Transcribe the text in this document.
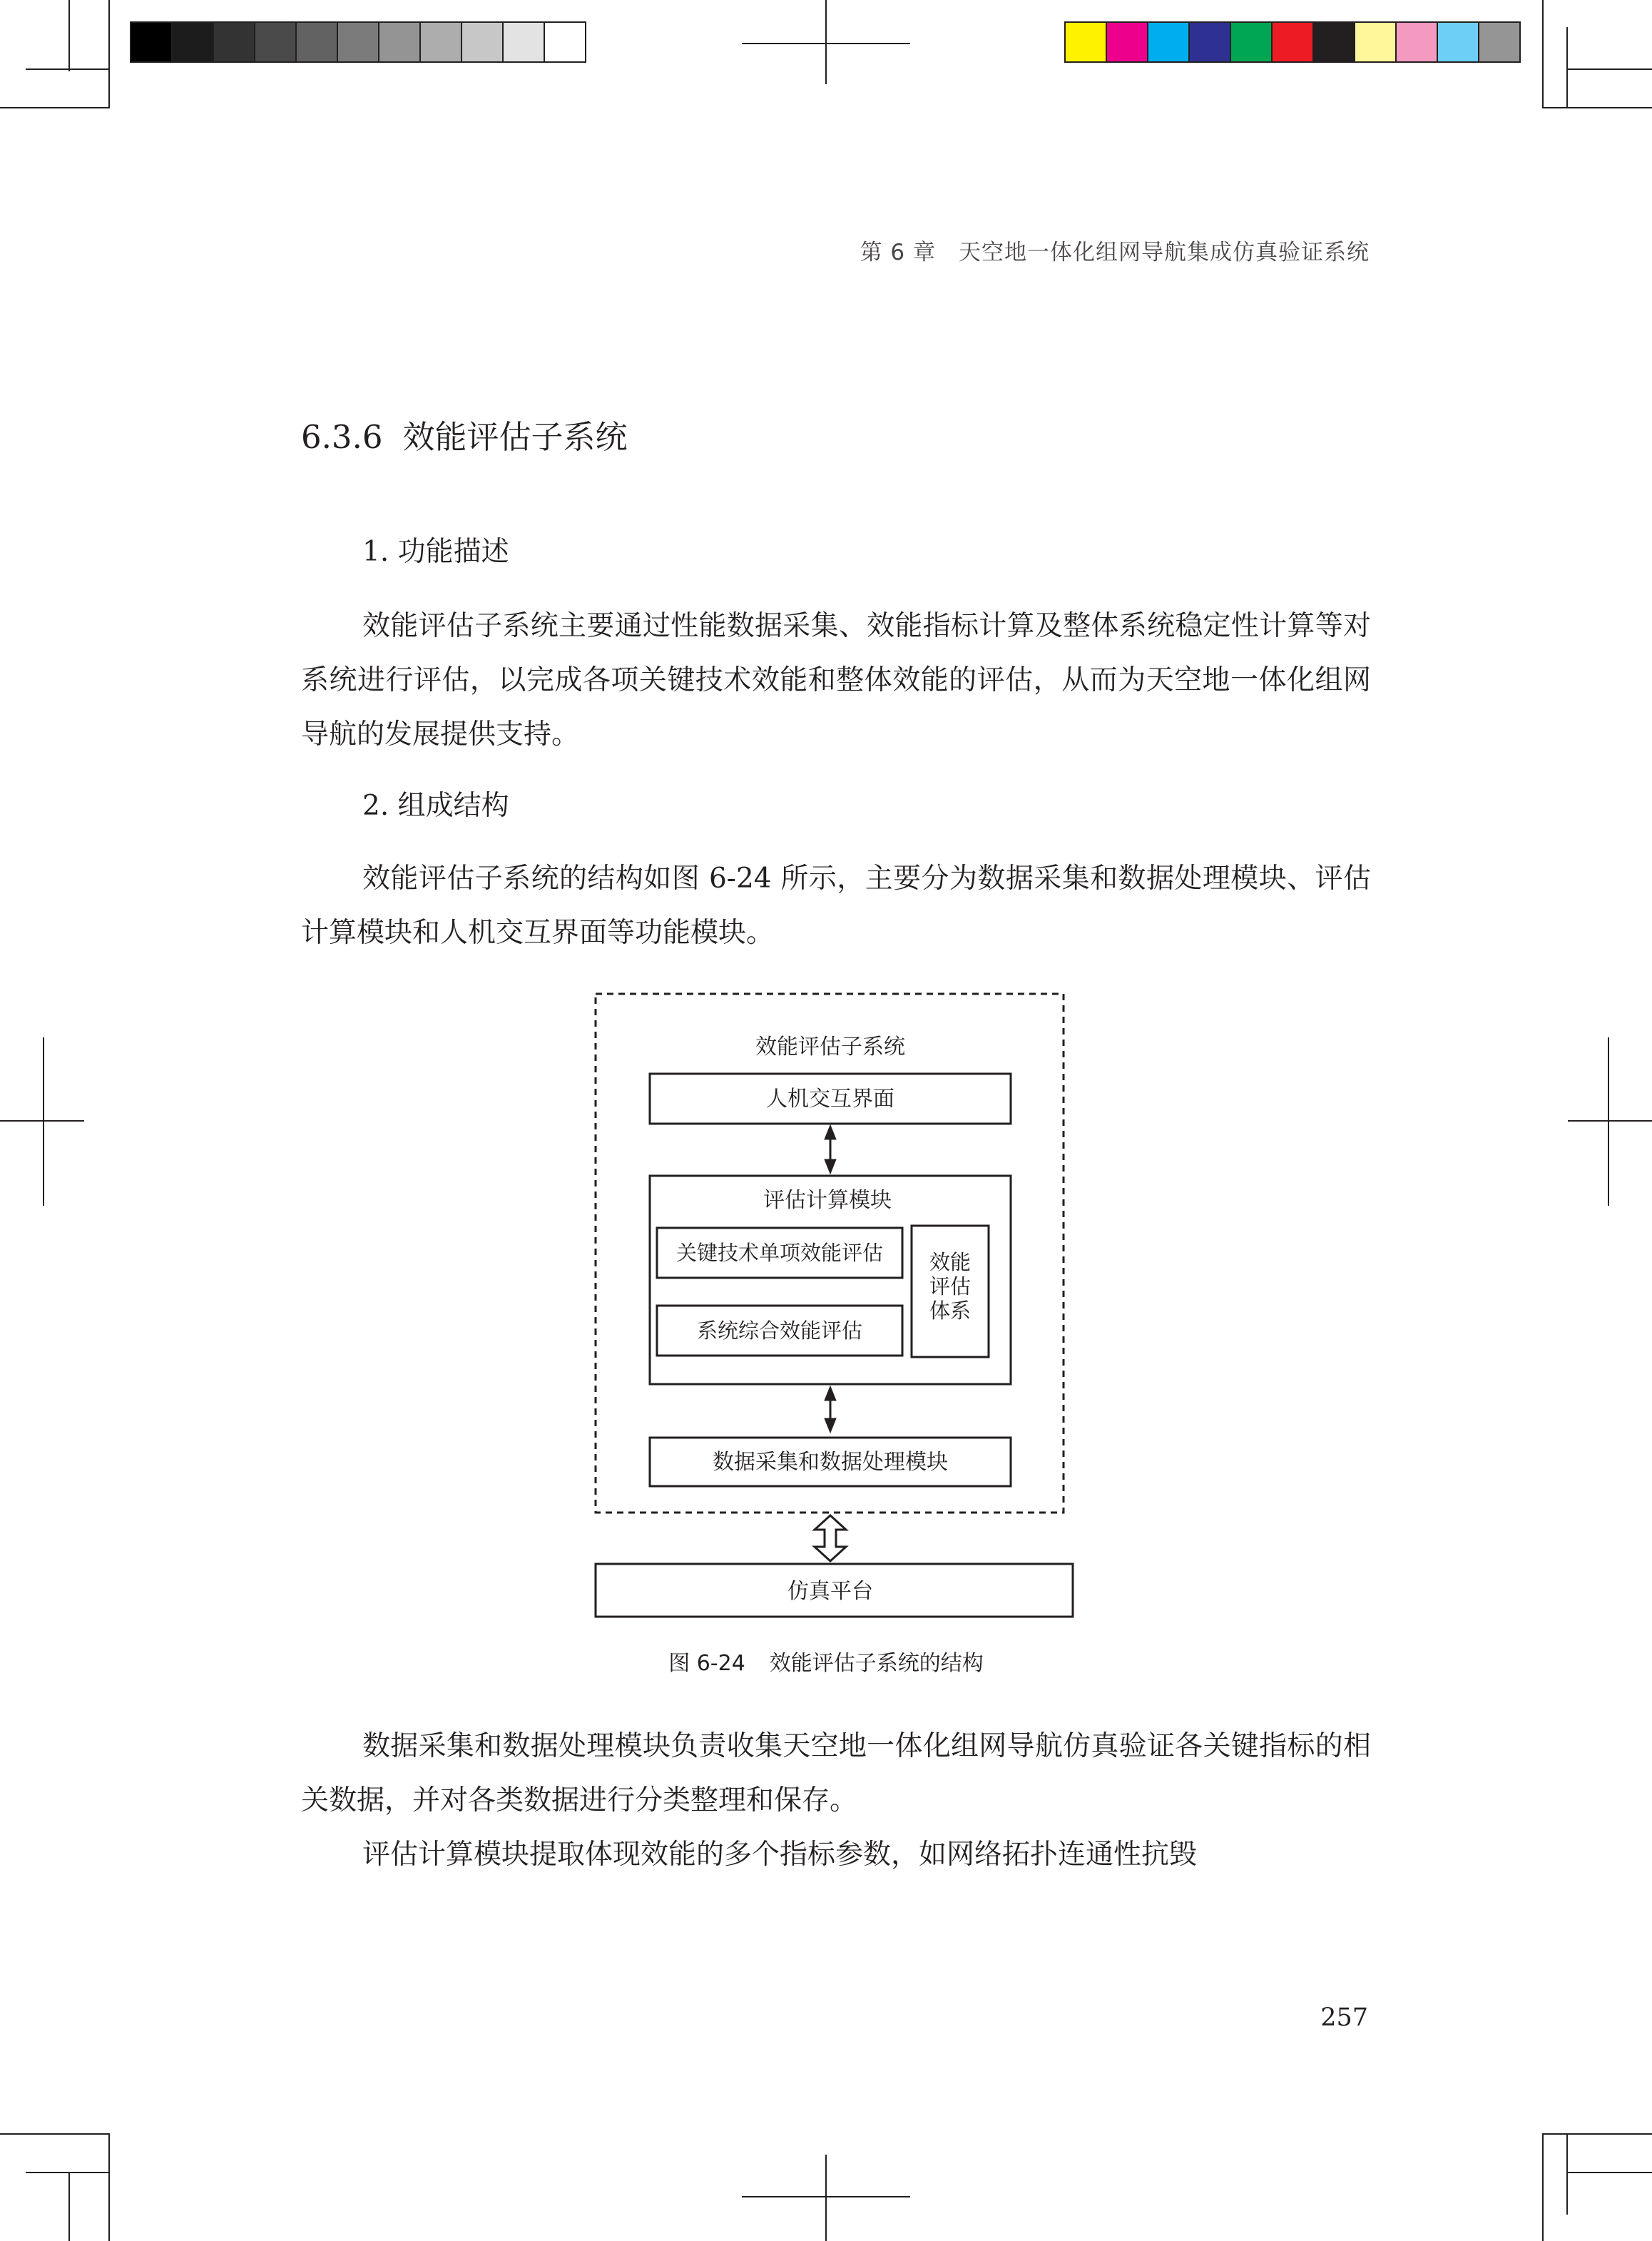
第 6 章　天空地一体化组网导航集成仿真验证系统
6.3.6 效能评估子系统
1. 功能描述
效能评估子系统主要通过性能数据采集、效能指标计算及整体系统稳定性计算等对系统进行评估，以完成各项关键技术效能和整体效能的评估，从而为天空地一体化组网导航的发展提供支持。
2. 组成结构
效能评估子系统的结构如图 6-24 所示，主要分为数据采集和数据处理模块、评估计算模块和人机交互界面等功能模块。
效能评估子系统
人机交互界面
评估计算模块
关键技术单项效能评估
系统综合效能评估
效能
评估
体系
数据采集和数据处理模块
仿真平台
图 6-24 效能评估子系统的结构
数据采集和数据处理模块负责收集天空地一体化组网导航仿真验证各关键指标的相关数据，并对各类数据进行分类整理和保存。
评估计算模块提取体现效能的多个指标参数，如网络拓扑连通性抗毁
257
